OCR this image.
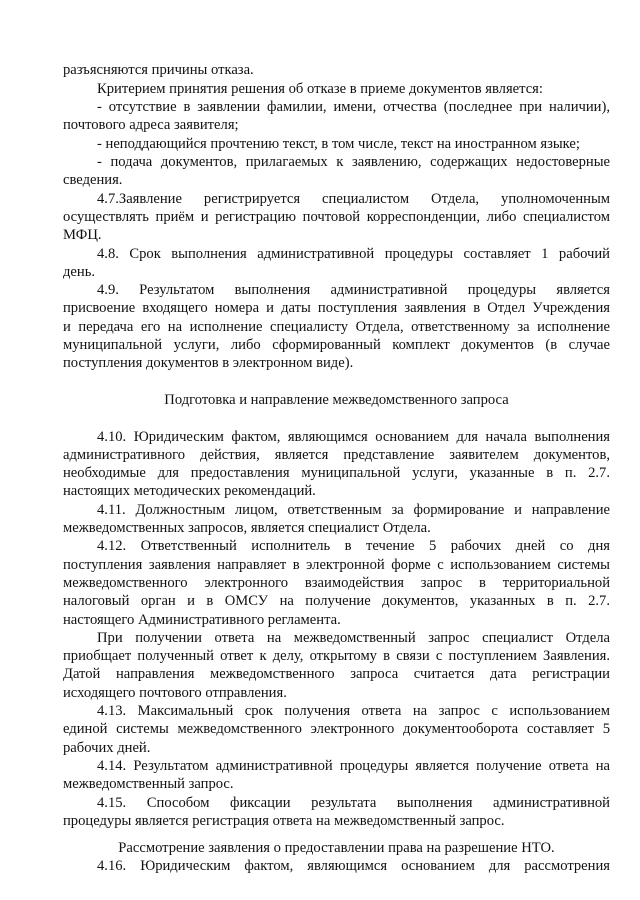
разъясняются причины отказа.
Критерием принятия решения об отказе в приеме документов является:
- отсутствие в заявлении фамилии, имени, отчества (последнее при наличии),
почтового адреса заявителя;
- неподдающийся прочтению текст, в том числе, текст на иностранном языке;
- подача документов, прилагаемых к заявлению, содержащих недостоверные
сведения.
4.7.Заявление регистрируется специалистом Отдела, уполномоченным
осуществлять приём и регистрацию почтовой корреспонденции, либо специалистом
МФЦ.
4.8. Срок выполнения административной процедуры составляет 1 рабочий
день.
4.9. Результатом выполнения административной процедуры является
присвоение входящего номера и даты поступления заявления в Отдел Учреждения
и передача его на исполнение специалисту Отдела, ответственному за исполнение
муниципальной услуги, либо сформированный комплект документов (в случае
поступления документов в электронном виде).
Подготовка и направление межведомственного запроса
4.10. Юридическим фактом, являющимся основанием для начала выполнения
административного действия, является представление заявителем документов,
необходимые для предоставления муниципальной услуги, указанные в п. 2.7.
настоящих методических рекомендаций.
4.11. Должностным лицом, ответственным за формирование и направление
межведомственных запросов, является специалист Отдела.
4.12. Ответственный исполнитель в течение 5 рабочих дней со дня
поступления заявления направляет в электронной форме с использованием системы
межведомственного электронного взаимодействия запрос в территориальной
налоговый орган и в ОМСУ на получение документов, указанных в п. 2.7.
настоящего Административного регламента.
При получении ответа на межведомственный запрос специалист Отдела
приобщает полученный ответ к делу, открытому в связи с поступлением Заявления.
Датой направления межведомственного запроса считается дата регистрации
исходящего почтового отправления.
4.13. Максимальный срок получения ответа на запрос с использованием
единой системы межведомственного электронного документооборота составляет 5
рабочих дней.
4.14. Результатом административной процедуры является получение ответа на
межведомственный запрос.
4.15. Способом фиксации результата выполнения административной
процедуры является регистрация ответа на межведомственный запрос.
Рассмотрение заявления о предоставлении права на разрешение НТО.
4.16. Юридическим фактом, являющимся основанием для рассмотрения
